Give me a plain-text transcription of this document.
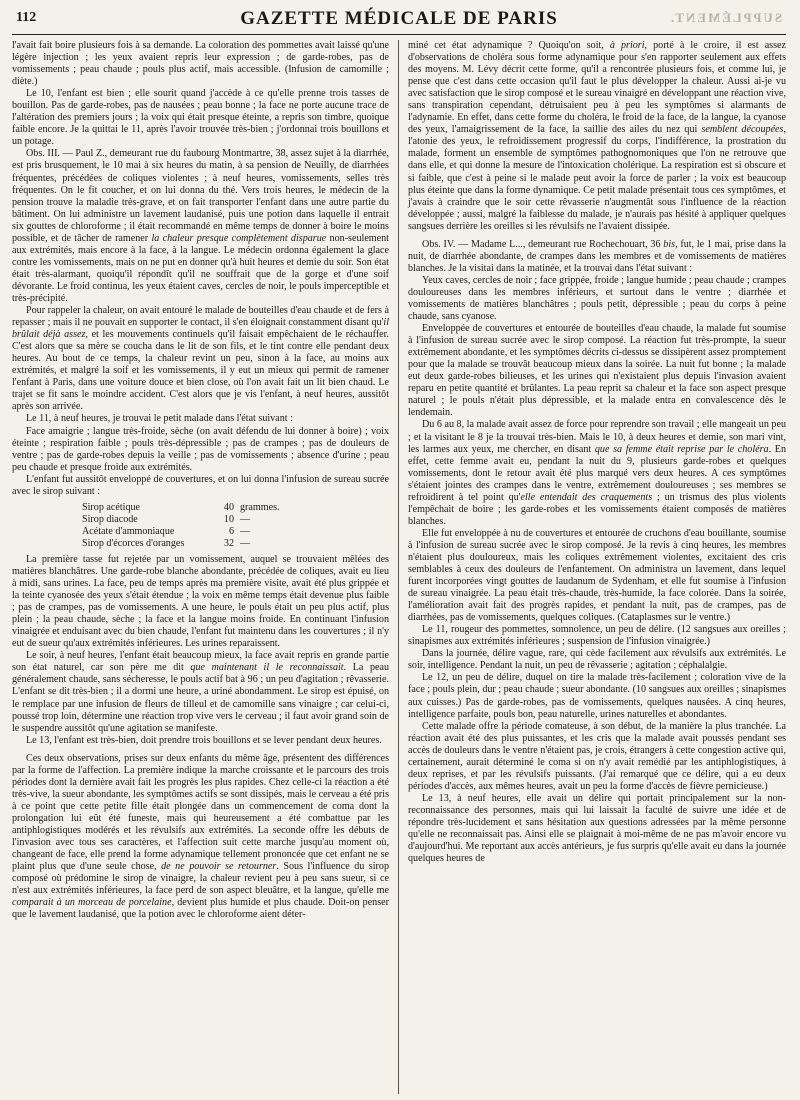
112	GAZETTE MÉDICALE DE PARIS	SUPPLÉMENT.

l'avait fait boire plusieurs fois à sa demande. La coloration des pommettes avait laissé qu'une légère injection ; les yeux avaient repris leur expression ; de garde-robes, pas de vomissements ; peau chaude ; pouls plus actif, mais accessible. (Infusion de camomille ; diète.)

Le 10, l'enfant est bien ; elle sourit quand j'accède à ce qu'elle prenne trois tasses de bouillon. Pas de garde-robes, pas de nausées ; peau bonne ; la face ne porte aucune trace de l'altération des premiers jours ; la voix qui était presque éteinte, a repris son timbre, quoique faible encore. Je la quittai le 11, après l'avoir trouvée très-bien ; j'ordonnai trois bouillons et un potage.

Obs. III. — Paul Z., demeurant rue du faubourg Montmartre, 38, assez sujet à la diarrhée, est pris brusquement, le 10 mai à six heures du matin, à sa pension de Neuilly, de diarrhées fréquentes, précédées de coliques violentes ; à neuf heures, vomissements, selles très fréquentes. On le fit coucher, et on lui donna du thé. Vers trois heures, le médecin de la pension trouve la maladie très-grave, et on fait transporter l'enfant dans une autre partie du bâtiment. On lui administre un lavement laudanisé, puis une potion dans laquelle il entrait six gouttes de chloroforme ; il était recommandé en même temps de donner à boire le moins possible, et de tâcher de ramener la chaleur presque complètement disparue non-seulement aux extrémités, mais encore à la face, à la langue. Le médecin ordonna également la glace contre les vomissements, mais on ne put en donner qu'à huit heures et demie du soir. Son état était très-alarmant, quoiqu'il répondît qu'il ne souffrait que de la gorge et d'une soif dévorante. Le froid continua, les yeux étaient caves, cercles de noir, le pouls imperceptible et très-précipité.

Pour rappeler la chaleur, on avait entouré le malade de bouteilles d'eau chaude et de fers à repasser ; mais il ne pouvait en supporter le contact, il s'en éloignait constamment disant qu'il brûlait déjà assez, et les mouvements continuels qu'il faisait empêchaient de le réchauffer. C'est alors que sa mère se coucha dans le lit de son fils, et le tint contre elle pendant deux heures. Au bout de ce temps, la chaleur revint un peu, sinon à la face, au moins aux extrémités, et malgré la soif et les vomissements, il y eut un mieux qui permit de ramener l'enfant à Paris, dans une voiture douce et bien close, où l'on avait fait un lit bien chaud. Le trajet se fit sans le moindre accident. C'est alors que je vis l'enfant, à neuf heures, aussitôt après son arrivée.

Le 11, à neuf heures, je trouvai le petit malade dans l'état suivant :

Face amaigrie ; langue très-froide, sèche (on avait défendu de lui donner à boire) ; voix éteinte ; respiration faible ; pouls très-dépressible ; pas de crampes ; pas de douleurs de ventre ; pas de garde-robes depuis la veille ; pas de vomissements ; absence d'urine ; peau peu chaude et presque froide aux extrémités.

L'enfant fut aussitôt enveloppé de couvertures, et on lui donna l'infusion de sureau sucrée avec le sirop suivant :

Sirop acétique	40 grammes.
Sirop diacode	10 —
Acétate d'ammoniaque	6 —
Sirop d'écorces d'oranges	32 —

La première tasse fut rejetée par un vomissement, auquel se trouvaient mêlées des matières blanchâtres. Une garde-robe blanche abondante, précédée de coliques, avait eu lieu à midi, sans urines. La face, peu de temps après ma première visite, avait été plus grippée et la teinte cyanosée des yeux s'était étendue ; la voix en même temps était devenue plus faible ; pas de crampes, pas de vomissements. A une heure, le pouls était un peu plus actif, plus plein ; la peau chaude, sèche ; la face et la langue moins froide. En continuant l'infusion vinaigrée et enduisant avec du bien chaude, l'enfant fut maintenu dans les couvertures ; il n'y eut de sueur qu'aux extrémités inférieures. Les urines reparaissent.

Le soir, à neuf heures, l'enfant était beaucoup mieux, la face avait repris en grande partie son état naturel, car son père me dit que maintenant il le reconnaissait. La peau généralement chaude, sans sécheresse, le pouls actif bat à 96 ; un peu d'agitation ; rêvasserie. L'enfant se dit très-bien ; il a dormi une heure, a uriné abondamment. Le sirop est épuisé, on le remplace par une infusion de fleurs de tilleul et de camomille sans vinaigre ; car celui-ci, poussé trop loin, détermine une réaction trop vive vers le cerveau ; il faut avoir grand soin de le suspendre aussitôt qu'une agitation se manifeste.

Le 13, l'enfant est très-bien, doit prendre trois bouillons et se lever pendant deux heures.

Ces deux observations, prises sur deux enfants du même âge, présentent des différences par la forme de l'affection. La première indique la marche croissante et le parcours des trois périodes dont la dernière avait fait les progrès les plus rapides. Chez celle-ci la réaction a été très-vive, la sueur abondante, les symptômes actifs se sont dissipés, mais le cerveau a été pris à ce point que cette petite fille était plongée dans un commencement de coma dont la prolongation lui eût été funeste, mais qui heureusement a été combattue par les antiphlogistiques modérés et les révulsifs aux extrémités. La seconde offre les débuts de l'invasion avec tous ses caractères, et l'affection suit cette marche jusqu'au moment où, changeant de face, elle prend la forme adynamique tellement prononcée que cet enfant ne se plaint plus que d'une seule chose, de ne pouvoir se retourner. Sous l'influence du sirop composé où prédomine le sirop de vinaigre, la chaleur revient peu à peu sans sueur, si ce n'est aux extrémités inférieures, la face perd de son aspect bleuâtre, et la langue, qu'elle me comparait à un morceau de porcelaine, devient plus humide et plus chaude. Doit-on penser que le lavement laudanisé, que la potion avec le chloroforme aient déter-

miné cet état adynamique ? Quoiqu'on soit, à priori, porté à le croire, il est assez d'observations de choléra sous forme adynamique pour s'en rapporter seulement aux effets des moyens. M. Lévy décrit cette forme, qu'il a rencontrée plusieurs fois, et comme lui, je pense que c'est dans cette occasion qu'il faut le plus développer la chaleur. Aussi ai-je vu avec satisfaction que le sirop composé et le sureau vinaigré en développant une réaction vive, sans transpiration cependant, détruisaient peu à peu les symptômes si alarmants de l'adynamie. En effet, dans cette forme du choléra, le froid de la face, de la langue, la cyanose des yeux, l'amaigrissement de la face, la saillie des ailes du nez qui semblent découpées, l'atonie des yeux, le refroidissement progressif du corps, l'indifférence, la prostration du malade, forment un ensemble de symptômes pathognomoniques que l'on ne retrouve que dans elle, et qui donne la mesure de l'intoxication cholérique. La respiration est si obscure et si faible, que c'est à peine si le malade peut avoir la force de parler ; la voix est beaucoup plus éteinte que dans la forme dynamique. Ce petit malade présentait tous ces symptômes, et j'avais à craindre que le soir cette rêvasserie n'augmentât sous l'influence de la réaction développée ; aussi, malgré la faiblesse du malade, je n'aurais pas hésité à appliquer quelques sangsues derrière les oreilles si les révulsifs ne l'avaient dissipée.

Obs. IV. — Madame L..., demeurant rue Rochechouart, 36 bis, fut, le 1 mai, prise dans la nuit, de diarrhée abondante, de crampes dans les membres et de vomissements de matières blanches. Je la visitai dans la matinée, et la trouvai dans l'état suivant :

Yeux caves, cercles de noir ; face grippée, froide ; langue humide ; peau chaude ; crampes douloureuses dans les membres inférieurs, et surtout dans le ventre ; diarrhée et vomissements de matières blanchâtres ; pouls petit, dépressible ; peau du corps à peine chaude, sans cyanose.

Enveloppée de couvertures et entourée de bouteilles d'eau chaude, la malade fut soumise à l'infusion de sureau sucrée avec le sirop composé. La réaction fut très-prompte, la sueur extrêmement abondante, et les symptômes décrits ci-dessus se dissipèrent assez promptement pour que la malade se trouvât beaucoup mieux dans la soirée. La nuit fut bonne ; la malade eut deux garde-robes bilieuses, et les urines qui n'existaient plus depuis l'invasion avaient reparu en petite quantité et brûlantes. La peau reprit sa chaleur et la face son aspect presque naturel ; le pouls n'était plus dépressible, et la malade entra en convalescence dès le lendemain.

Du 6 au 8, la malade avait assez de force pour reprendre son travail ; elle mangeait un peu ; et la visitant le 8 je la trouvai très-bien. Mais le 10, à deux heures et demie, son mari vint, les larmes aux yeux, me chercher, en disant que sa femme était reprise par le choléra. En effet, cette femme avait eu, pendant la nuit du 9, plusieurs garde-robes et quelques vomissements, dont le retour avait été plus marqué vers deux heures. A ces symptômes s'étaient jointes des crampes dans le ventre, extrêmement douloureuses ; ses membres se refroidirent à tel point qu'elle entendait des craquements ; un trismus des plus violents l'empêchait de boire ; les garde-robes et les vomissements étaient composés de matières blanches.

Elle fut enveloppée à nu de couvertures et entourée de cruchons d'eau bouillante, soumise à l'infusion de sureau sucrée avec le sirop composé. Je la revis à cinq heures, les membres n'étaient plus douloureux, mais les coliques extrêmement violentes, excitaient des cris semblables à ceux des douleurs de l'enfantement. On administra un lavement, dans lequel furent incorporées vingt gouttes de laudanum de Sydenham, et elle fut soumise à l'infusion de sureau vinaigrée. La peau était très-chaude, très-humide, la face colorée. Dans la soirée, l'amélioration avait fait des progrès rapides, et pendant la nuit, pas de crampes, pas de diarrhées, pas de vomissements, quelques coliques. (Cataplasmes sur le ventre.)

Le 11, rougeur des pommettes, somnolence, un peu de délire. (12 sangsues aux oreilles ; sinapismes aux extrémités inférieures ; suspension de l'infusion vinaigrée.)

Dans la journée, délire vague, rare, qui cède facilement aux révulsifs aux extrémités. Le soir, intelligence. Pendant la nuit, un peu de rêvasserie ; agitation ; céphalalgie.

Le 12, un peu de délire, duquel on tire la malade très-facilement ; coloration vive de la face ; pouls plein, dur ; peau chaude ; sueur abondante. (10 sangsues aux oreilles ; sinapismes aux cuisses.) Pas de garde-robes, pas de vomissements, quelques nausées. A cinq heures, intelligence parfaite, pouls bon, peau naturelle, urines naturelles et abondantes.

Cette malade offre la période comateuse, à son début, de la manière la plus tranchée. La réaction avait été des plus puissantes, et les cris que la malade avait poussés pendant ses accès de douleurs dans le ventre n'étaient pas, je crois, étrangers à cette congestion active qui, certainement, aurait déterminé le coma si on n'y avait remédié par les antiphlogistiques, à deux reprises, et par les révulsifs puissants. (J'ai remarqué que ce délire, qui a eu deux périodes d'accès, aux mêmes heures, avait un peu la forme d'accès de fièvre pernicieuse.)

Le 13, à neuf heures, elle avait un délire qui portait principalement sur la non-reconnaissance des personnes, mais qui lui laissait la faculté de suivre une idée et de répondre très-lucidement et sans hésitation aux questions adressées par la même personne qu'elle ne reconnaissait pas. Ainsi elle se plaignait à moi-même de ne pas m'avoir encore vu d'aujourd'hui. Me reportant aux accès antérieurs, je fus surpris qu'elle avait eu dans la journée quelques heures de
